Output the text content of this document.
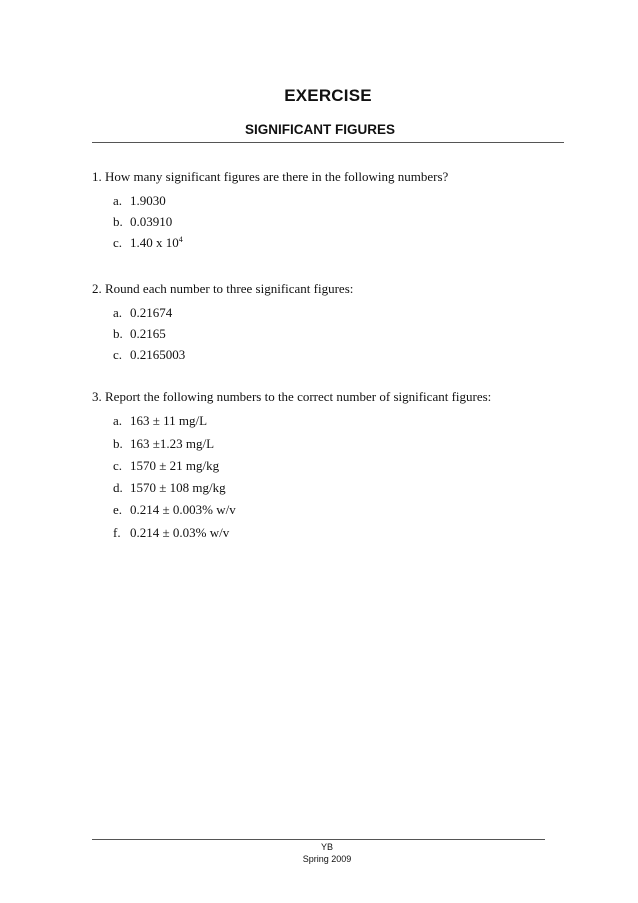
EXERCISE
SIGNIFICANT FIGURES
1. How many significant figures are there in the following numbers?
a. 1.9030
b. 0.03910
c. 1.40 x $10^4$
2. Round each number to three significant figures:
a. 0.21674
b. 0.2165
c. 0.2165003
3. Report the following numbers to the correct number of significant figures:
a. 163 ± 11 mg/L
b. 163 ±1.23 mg/L
c. 1570 ± 21 mg/kg
d. 1570 ± 108 mg/kg
e. 0.214 ± 0.003% w/v
f. 0.214 ± 0.03% w/v
YB
Spring 2009
